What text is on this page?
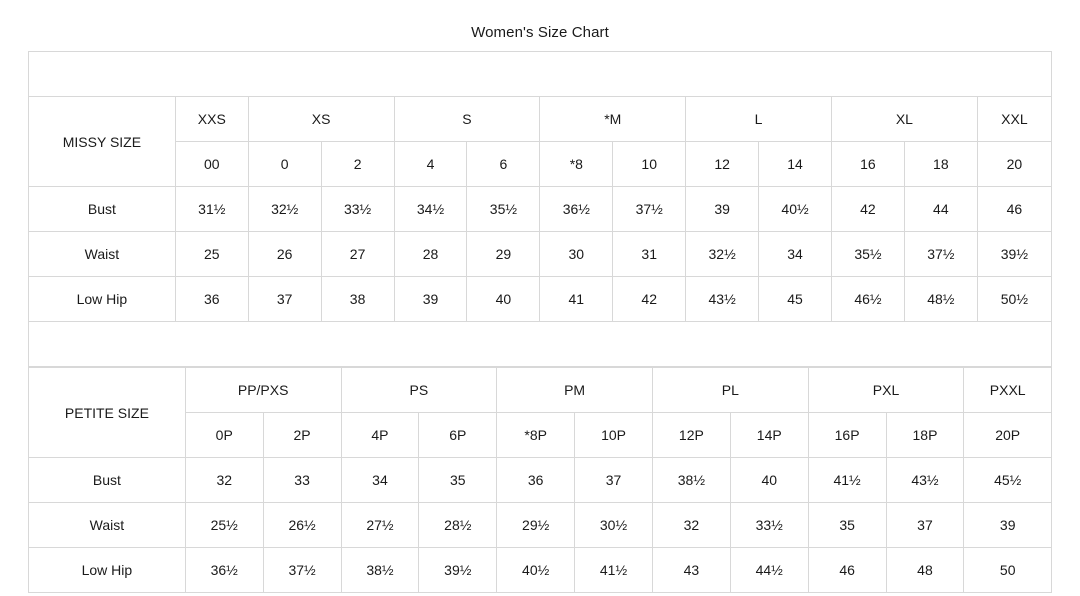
Women's Size Chart

MISSY SIZE	XXS	XS		S		*M		L		XL		XXL
	00	0	2	4	6	*8	10	12	14	16	18	20
Bust	31½	32½	33½	34½	35½	36½	37½	39	40½	42	44	46
Waist	25	26	27	28	29	30	31	32½	34	35½	37½	39½
Low Hip	36	37	38	39	40	41	42	43½	45	46½	48½	50½

PETITE SIZE	PP/PXS		PS		PM		PL		PXL		PXXL
	0P	2P	4P	6P	*8P	10P	12P	14P	16P	18P	20P
Bust	32	33	34	35	36	37	38½	40	41½	43½	45½
Waist	25½	26½	27½	28½	29½	30½	32	33½	35	37	39
Low Hip	36½	37½	38½	39½	40½	41½	43	44½	46	48	50
